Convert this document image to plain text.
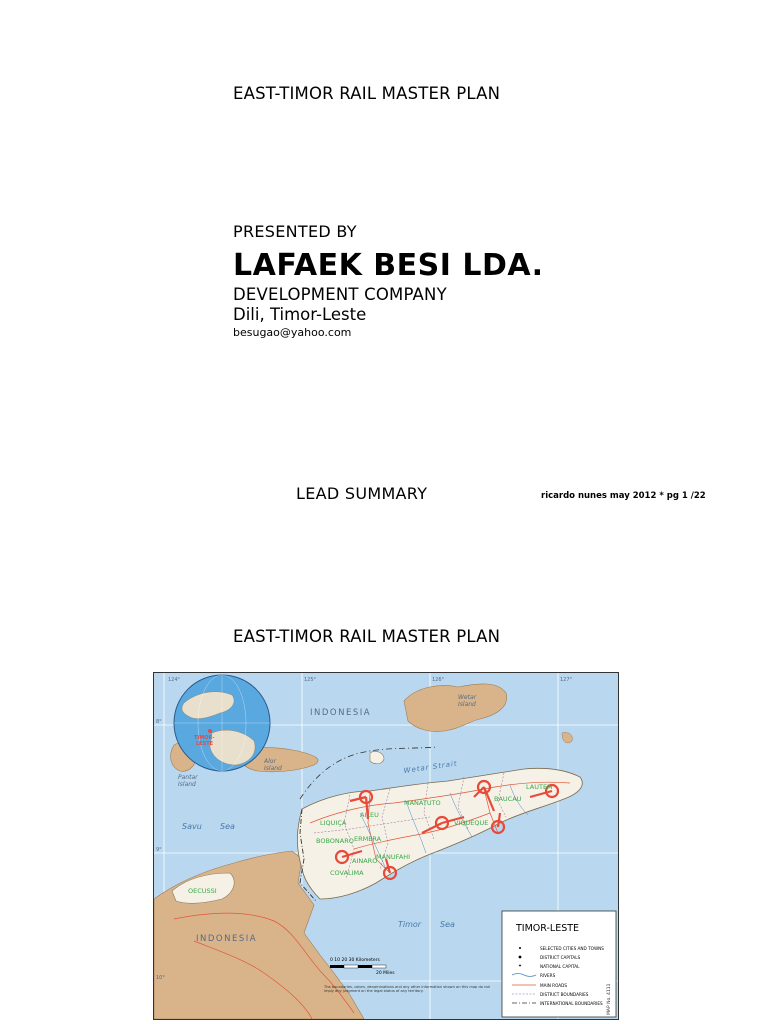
EAST-TIMOR RAIL MASTER PLAN
PRESENTED BY
LAFAEK BESI LDA.
DEVELOPMENT COMPANY
Dili, Timor-Leste
besugao@yahoo.com
LEAD SUMMARY	ricardo nunes may 2012 * pg 1 /22
EAST-TIMOR RAIL MASTER PLAN
AILEU
MANATUTO
VIQUEQUE
BAUCAU
LIQUIÇA
BOBONARO ERMERA
MANUFAHI
AINARO
COVALIMA
LAUTEM
OECUSSI
INDONESIA
Wetar Strait
Wetar
Island
Alor
Island
Pantar
Island
Savu Sea
Timor Sea
INDONESIA
124°	125°	126°	127°
8°
9°
10°
TIMOR-
LESTE
0 10 20 30 Kilometers
20 Miles
The boundaries, colors, denominations and any other information shown on this map do not imply any judgment on the legal status of any territory.
TIMOR-LESTE
SELECTED CITIES AND TOWNS
DISTRICT CAPITALS
NATIONAL CAPITAL
RIVERS
MAIN ROADS
DISTRICT BOUNDARIES
INTERNATIONAL BOUNDARIES MAP No. 4111
